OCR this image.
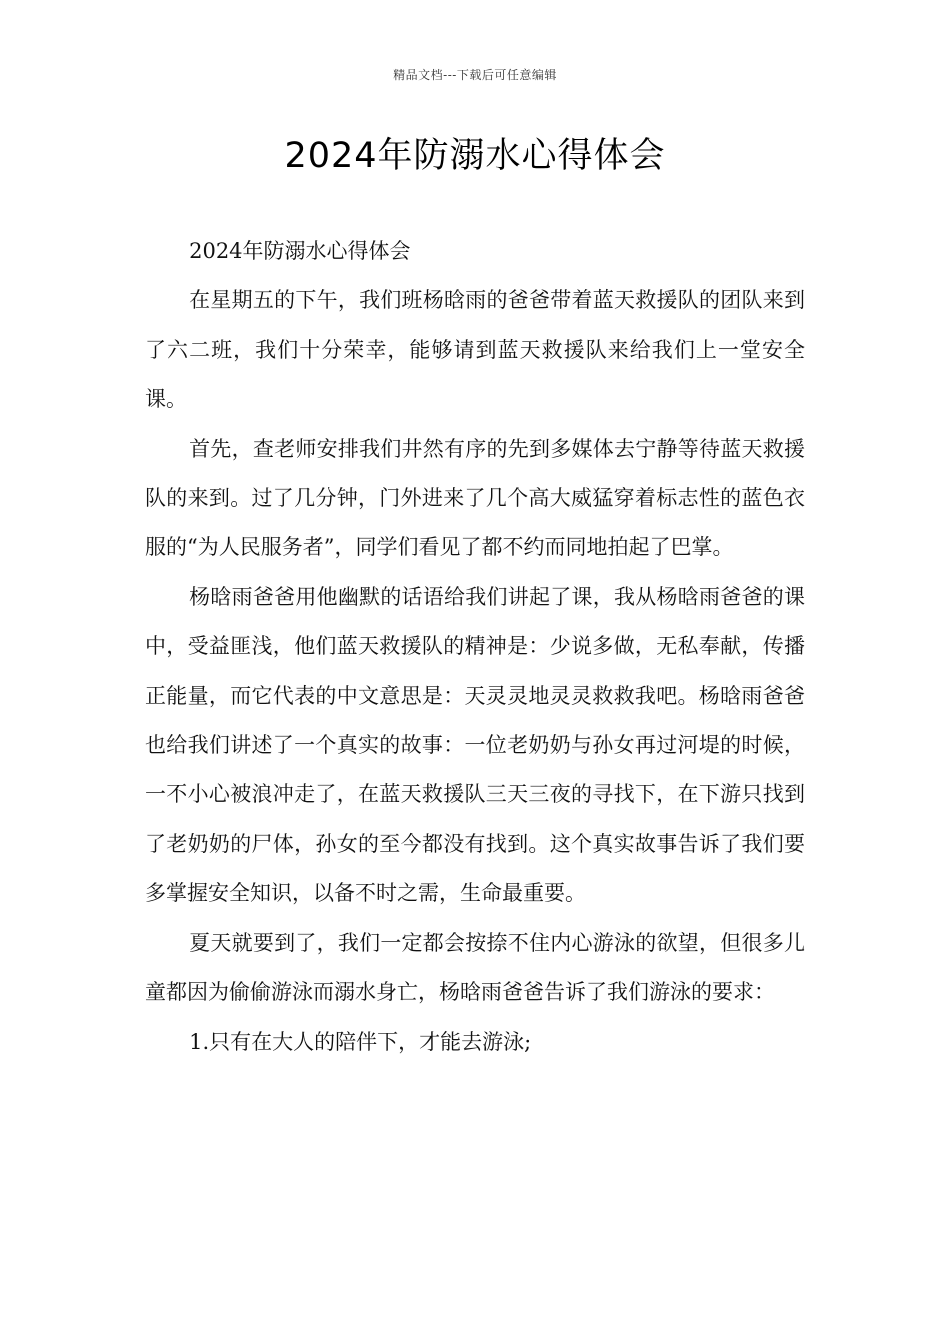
精品文档---下载后可任意编辑
2024年防溺水心得体会

2024年防溺水心得体会

在星期五的下午，我们班杨晗雨的爸爸带着蓝天救援队的团队来到了六二班，我们十分荣幸，能够请到蓝天救援队来给我们上一堂安全课。

首先，查老师安排我们井然有序的先到多媒体去宁静等待蓝天救援队的来到。过了几分钟，门外进来了几个高大威猛穿着标志性的蓝色衣服的“为人民服务者”，同学们看见了都不约而同地拍起了巴掌。

杨晗雨爸爸用他幽默的话语给我们讲起了课，我从杨晗雨爸爸的课中，受益匪浅，他们蓝天救援队的精神是：少说多做，无私奉献，传播正能量，而它代表的中文意思是：天灵灵地灵灵救救我吧。杨晗雨爸爸也给我们讲述了一个真实的故事：一位老奶奶与孙女再过河堤的时候，一不小心被浪冲走了，在蓝天救援队三天三夜的寻找下，在下游只找到了老奶奶的尸体，孙女的至今都没有找到。这个真实故事告诉了我们要多掌握安全知识，以备不时之需，生命最重要。

夏天就要到了，我们一定都会按捺不住内心游泳的欲望，但很多儿童都因为偷偷游泳而溺水身亡，杨晗雨爸爸告诉了我们游泳的要求：

1.只有在大人的陪伴下，才能去游泳;
